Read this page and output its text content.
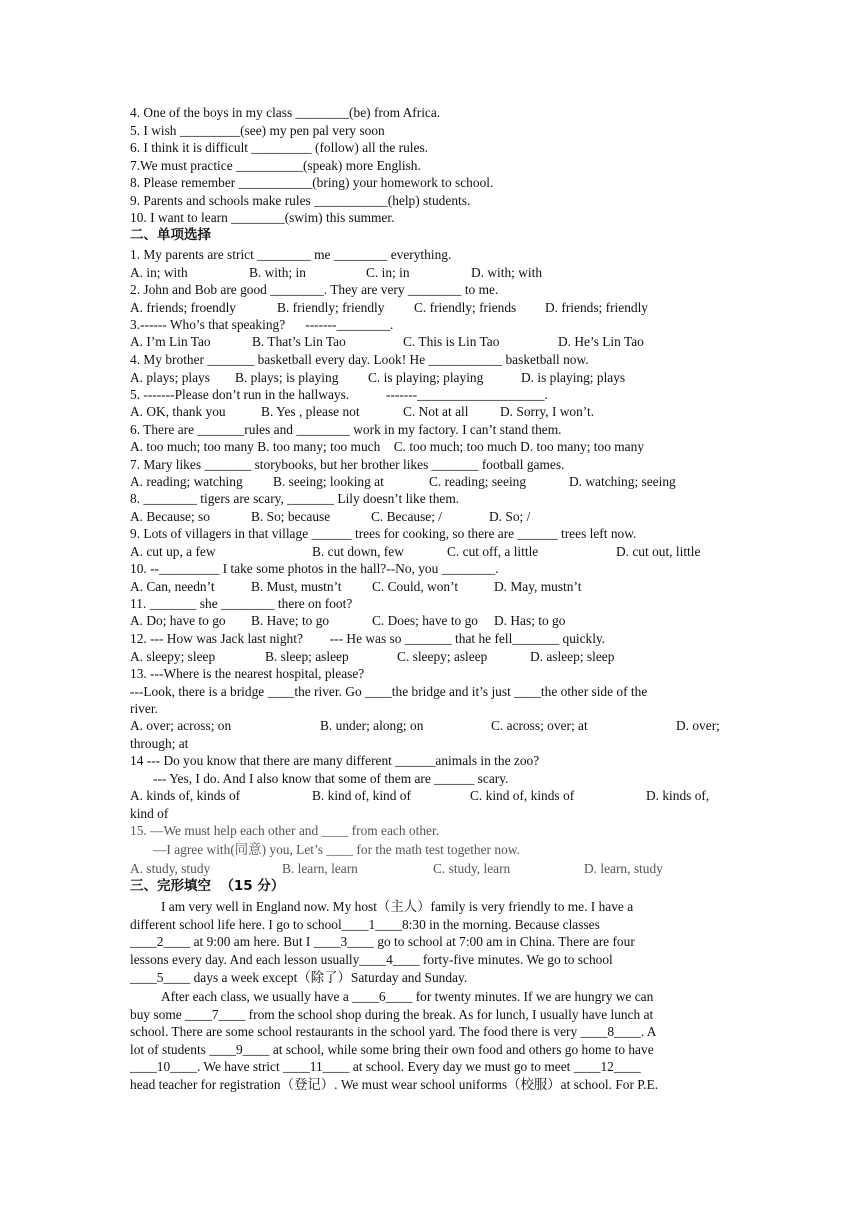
4. One of the boys in my class ________(be) from Africa.

5. I wish _________(see) my pen pal very soon

6. I think it is difficult _________ (follow) all the rules.

7.We must practice __________(speak) more English.

8. Please remember ___________(bring) your homework to school.

9. Parents and schools make rules ___________(help) students.

10. I want to learn ________(swim) this summer.

二、单项选择

1. My parents are strict ________ me ________ everything.

A. in; with	B. with; in	C. in; in	D. with; with

2. John and Bob are good ________. They are very ________ to me.

A. friends; froendly	B. friendly; friendly C. friendly; friends D. friends; friendly

3.------ Who’s that speaking?      -------________.

A. I’m Lin Tao	B. That’s Lin Tao	C. This is Lin Tao	D. He’s Lin Tao

4. My brother _______ basketball every day. Look! He ___________ basketball now.

A. plays; plays B. plays; is playing C. is playing; playing	D. is playing; plays

5. -------Please don’t run in the hallways.           -------___________________.

A. OK, thank you	B. Yes , please not	C. Not at all D. Sorry, I won’t.

6. There are _______rules and ________ work in my factory. I can’t stand them.

A. too much; too many B. too many; too much    C. too much; too much D. too many; too many

7. Mary likes _______ storybooks, but her brother likes _______ football games.

A. reading; watching B. seeing; looking at	C. reading; seeing	D. watching; seeing

8. ________ tigers are scary, _______ Lily doesn’t like them.

A. Because; so	B. So; because	C. Because; /	D. So; /

9. Lots of villagers in that village ______ trees for cooking, so there are ______ trees left now.

A. cut up, a few	B. cut down, few	C. cut off, a little	D. cut out, little

10. --_________ I take some photos in the hall?--No, you ________.

A. Can, needn’t	B. Must, mustn’t C. Could, won’t	D. May, mustn’t

11. _______ she ________ there on foot?

A. Do; have to go B. Have; to go	C. Does; have to go D. Has; to go

12. --- How was Jack last night?        --- He was so _______ that he fell_______ quickly.

A. sleepy; sleep	B. sleep; asleep	C. sleepy; asleep	D. asleep; sleep

13. ---Where is the nearest hospital, please?

---Look, there is a bridge ____the river. Go ____the bridge and it’s just ____the other side of the

river.

A. over; across; on	B. under; along; on	C. across; over; at	D. over;

through; at

14 --- Do you know that there are many different ______animals in the zoo?

--- Yes, I do. And I also know that some of them are ______ scary.

A. kinds of, kinds of	B. kind of, kind of	C. kind of, kinds of	D. kinds of,

kind of

15. —We must help each other and ____ from each other.

—I agree with(同意) you, Let’s ____ for the math test together now.

A. study, study	B. learn, learn	C. study, learn	D. learn, study

三、完形填空  （15 分）

I am very well in England now. My host（主人）family is very friendly to me. I have a

different school life here. I go to school____1____8:30 in the morning. Because classes

____2____ at 9:00 am here. But I ____3____ go to school at 7:00 am in China. There are four

lessons every day. And each lesson usually____4____ forty-five minutes. We go to school

____5____ days a week except（除了）Saturday and Sunday.

After each class, we usually have a ____6____ for twenty minutes. If we are hungry we can

buy some ____7____ from the school shop during the break. As for lunch, I usually have lunch at

school. There are some school restaurants in the school yard. The food there is very ____8____. A

lot of students ____9____ at school, while some bring their own food and others go home to have

____10____. We have strict ____11____ at school. Every day we must go to meet ____12____

head teacher for registration（登记）. We must wear school uniforms（校服）at school. For P.E.
